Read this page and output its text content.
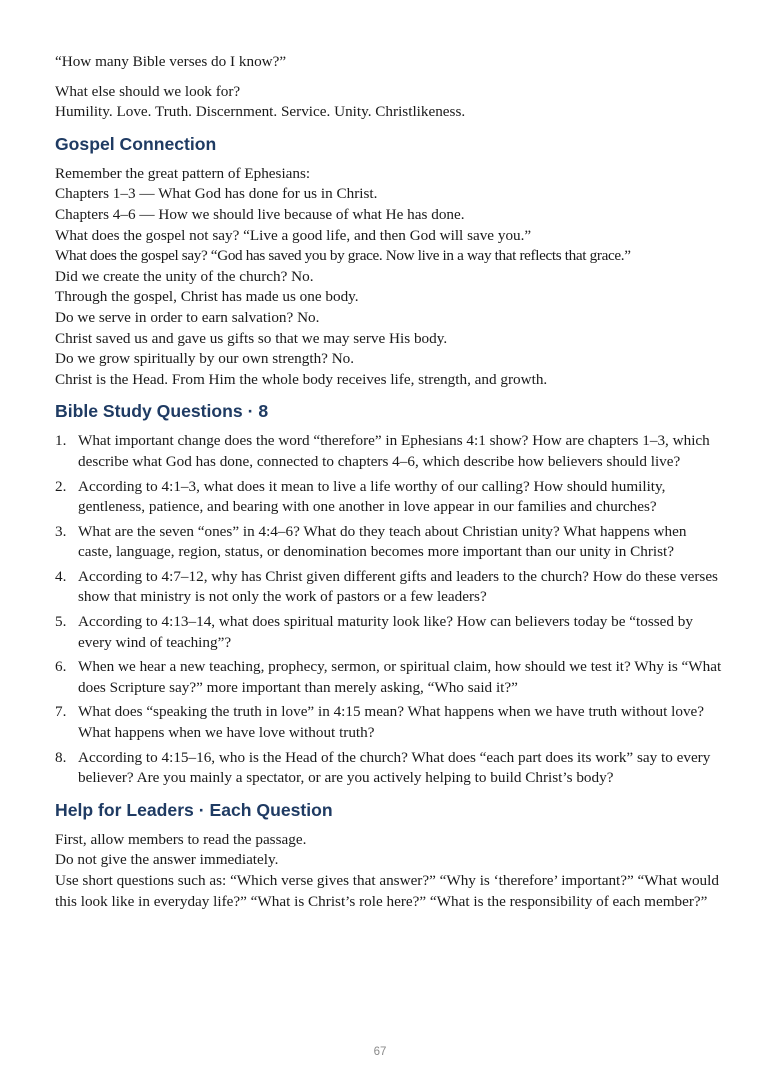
“How many Bible verses do I know?”

What else should we look for?

Humility. Love. Truth. Discernment. Service. Unity. Christlikeness.

Gospel Connection

Remember the great pattern of Ephesians:

Chapters 1–3 — What God has done for us in Christ.

Chapters 4–6 — How we should live because of what He has done.

What does the gospel not say? “Live a good life, and then God will save you.”

What does the gospel say? “God has saved you by grace. Now live in a way that reflects that grace.”

Did we create the unity of the church? No.

Through the gospel, Christ has made us one body.

Do we serve in order to earn salvation? No.

Christ saved us and gave us gifts so that we may serve His body.

Do we grow spiritually by our own strength? No.

Christ is the Head. From Him the whole body receives life, strength, and growth.

Bible Study Questions · 8
1. What important change does the word “therefore” in Ephesians 4:1 show? How are chapters 1–3, which describe what God has done, connected to chapters 4–6, which describe how believers should live?
2. According to 4:1–3, what does it mean to live a life worthy of our calling? How should humility, gentleness, patience, and bearing with one another in love appear in our families and churches?
3. What are the seven “ones” in 4:4–6? What do they teach about Christian unity? What happens when caste, language, region, status, or denomination becomes more important than our unity in Christ?
4. According to 4:7–12, why has Christ given different gifts and leaders to the church? How do these verses show that ministry is not only the work of pastors or a few leaders?
5. According to 4:13–14, what does spiritual maturity look like? How can believers today be “tossed by every wind of teaching”?
6. When we hear a new teaching, prophecy, sermon, or spiritual claim, how should we test it? Why is “What does Scripture say?” more important than merely asking, “Who said it?”
7. What does “speaking the truth in love” in 4:15 mean? What happens when we have truth without love? What happens when we have love without truth?
8. According to 4:15–16, who is the Head of the church? What does “each part does its work” say to every believer? Are you mainly a spectator, or are you actively helping to build Christ’s body?
Help for Leaders · Each Question

First, allow members to read the passage.

Do not give the answer immediately.

Use short questions such as: “Which verse gives that answer?” “Why is ‘therefore’ important?” “What would this look like in everyday life?” “What is Christ’s role here?” “What is the responsibility of each member?”

67
